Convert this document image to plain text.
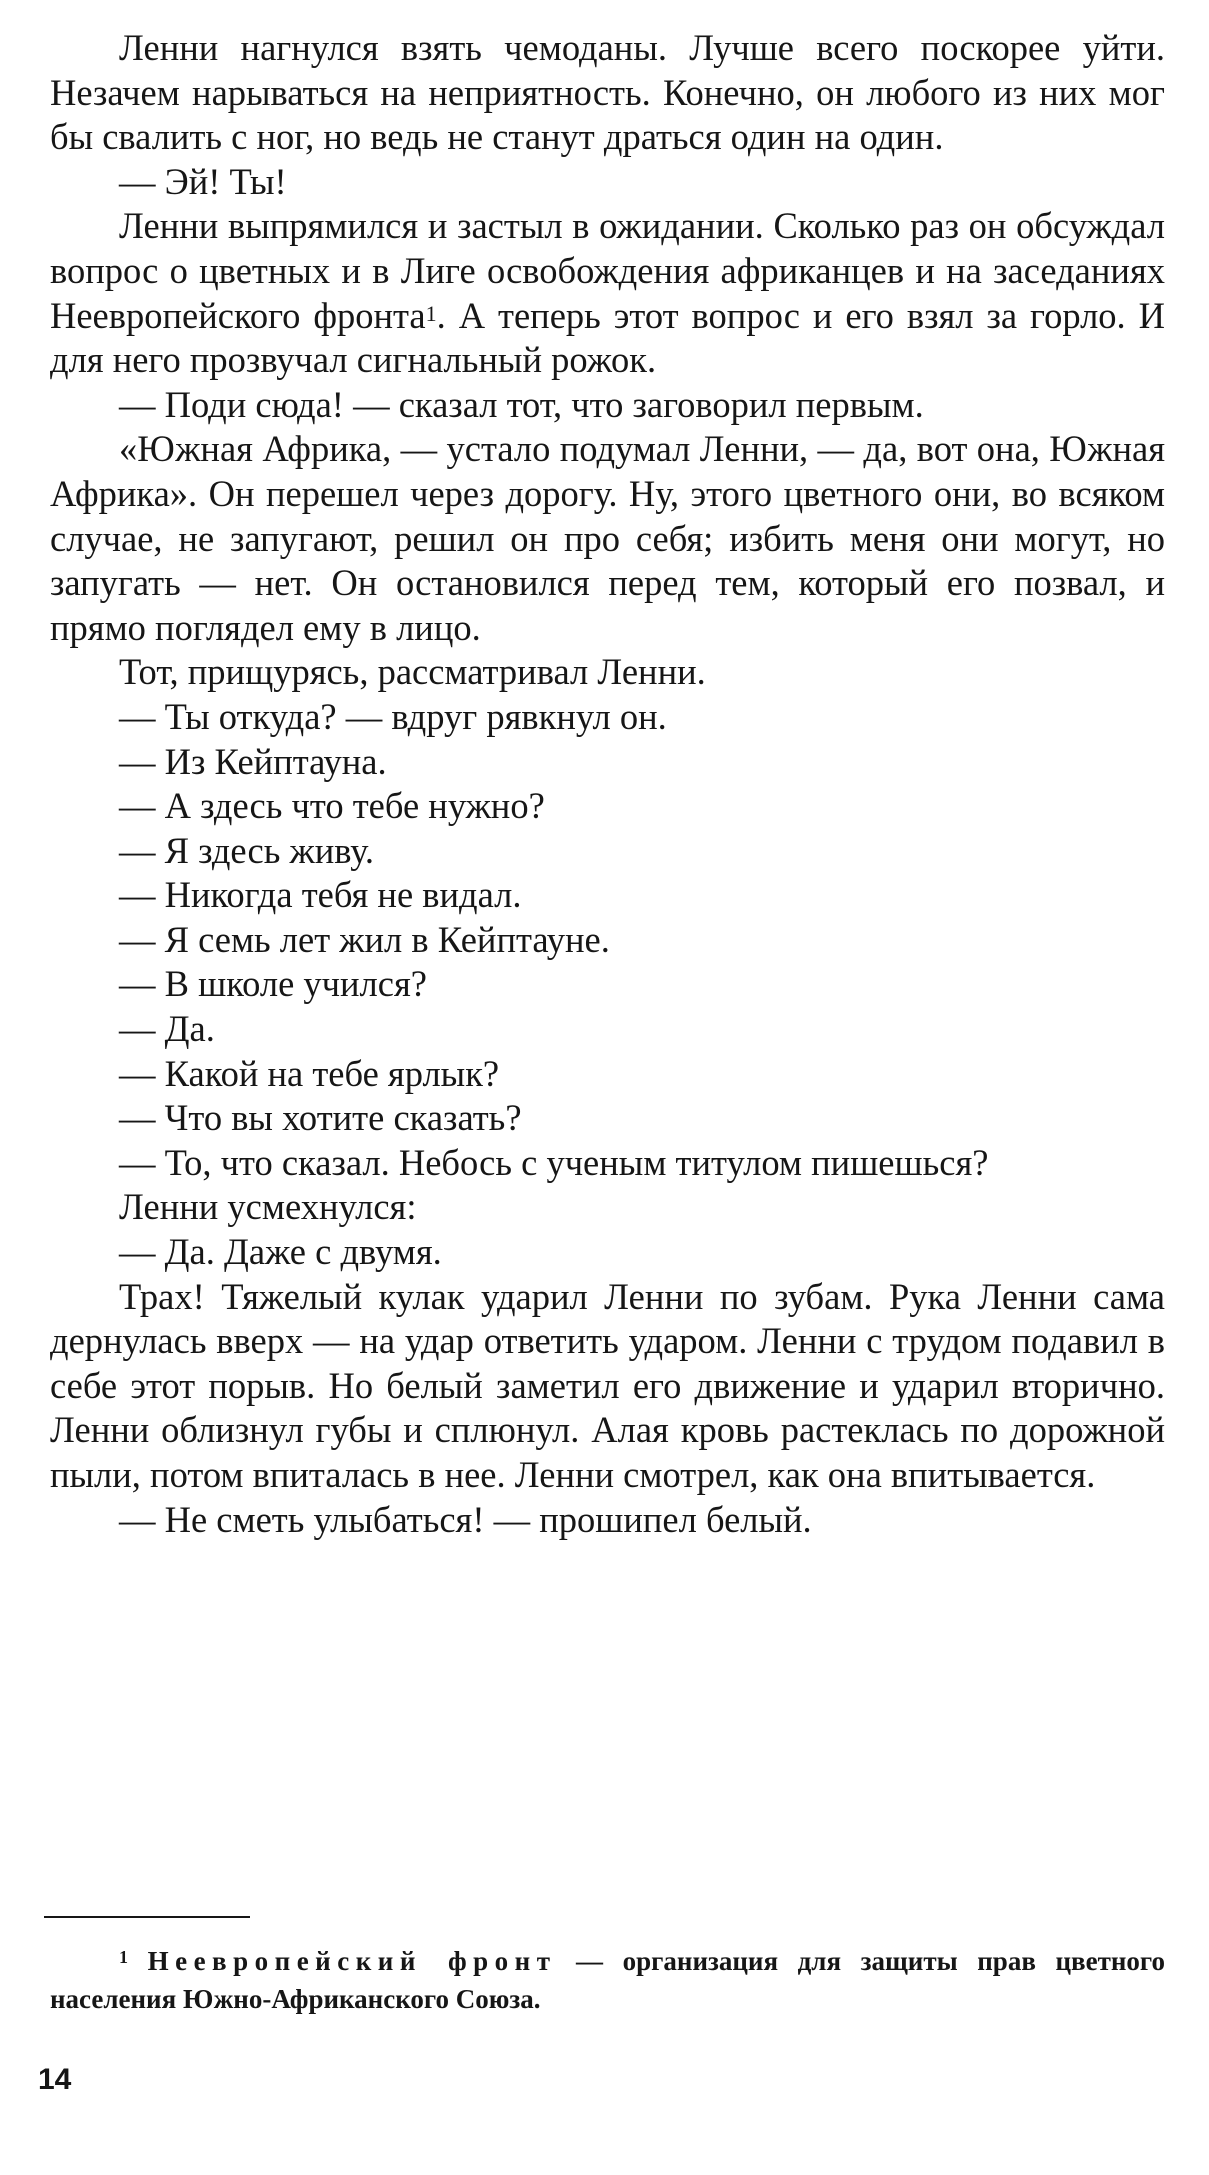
Ленни нагнулся взять чемоданы. Лучше всего поскорее уйти. Незачем нарываться на неприятность. Конечно, он любого из них мог бы свалить с ног, но ведь не станут драться один на один.

— Эй! Ты!

Ленни выпрямился и застыл в ожидании. Сколько раз он обсуждал вопрос о цветных и в Лиге освобождения африканцев и на заседаниях Неевропейского фронта$^1$. А теперь этот вопрос и его взял за горло. И для него прозвучал сигнальный рожок.

— Поди сюда! — сказал тот, что заговорил первым.

«Южная Африка, — устало подумал Ленни, — да, вот она, Южная Африка». Он перешел через дорогу. Ну, этого цветного они, во всяком случае, не запугают, решил он про себя; избить меня они могут, но запугать — нет. Он остановился перед тем, который его позвал, и прямо поглядел ему в лицо.

Тот, прищурясь, рассматривал Ленни.

— Ты откуда? — вдруг рявкнул он.

— Из Кейптауна.

— А здесь что тебе нужно?

— Я здесь живу.

— Никогда тебя не видал.

— Я семь лет жил в Кейптауне.

— В школе учился?

— Да.

— Какой на тебе ярлык?

— Что вы хотите сказать?

— То, что сказал. Небось с ученым титулом пишешься?

Ленни усмехнулся:

— Да. Даже с двумя.

Трах! Тяжелый кулак ударил Ленни по зубам. Рука Ленни сама дернулась вверх — на удар ответить ударом. Ленни с трудом подавил в себе этот порыв. Но белый заметил его движение и ударил вторично. Ленни облизнул губы и сплюнул. Алая кровь растеклась по дорожной пыли, потом впиталась в нее. Ленни смотрел, как она впитывается.

— Не сметь улыбаться! — прошипел белый.

$^1$ Неевропейский фронт — организация для защиты прав цветного населения Южно-Африканского Союза.

14
